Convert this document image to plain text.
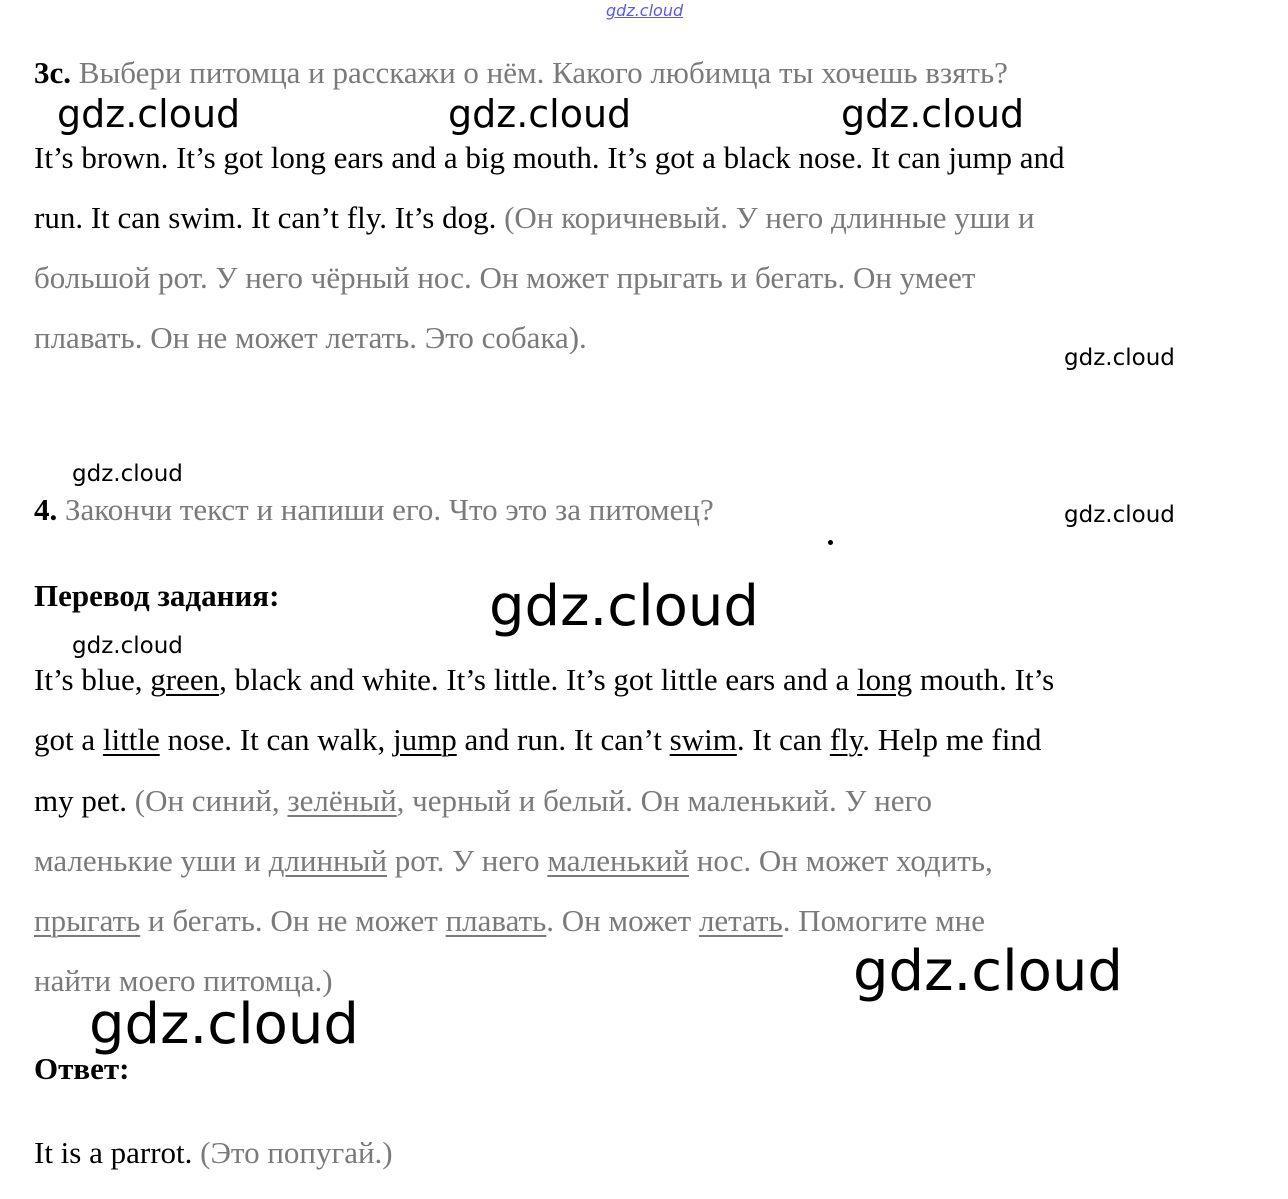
gdz.cloud
gdz.cloud	gdz.cloud	gdz.cloud
gdz.cloud
gdz.cloud
gdz.cloud
gdz.cloud
gdz.cloud
gdz.cloud
gdz.cloud
3c. Выбери питомца и расскажи о нём. Какого любимца ты хочешь взять?
It’s brown. It’s got long ears and a big mouth. It’s got a black nose. It can jump and
run. It can swim. It can’t fly. It’s dog. (Он коричневый. У него длинные уши и
большой рот. У него чёрный нос. Он может прыгать и бегать. Он умеет
плавать. Он не может летать. Это собака).
4. Закончи текст и напиши его. Что это за питомец?
Перевод задания:
It’s blue, green, black and white. It’s little. It’s got little ears and a long mouth. It’s
got a little nose. It can walk, jump and run. It can’t swim. It can fly. Help me find
my pet. (Он синий, зелёный, черный и белый. Он маленький. У него
маленькие уши и длинный рот. У него маленький нос. Он может ходить,
прыгать и бегать. Он не может плавать. Он может летать. Помогите мне
найти моего питомца.)
Ответ:
It is a parrot. (Это попугай.)
